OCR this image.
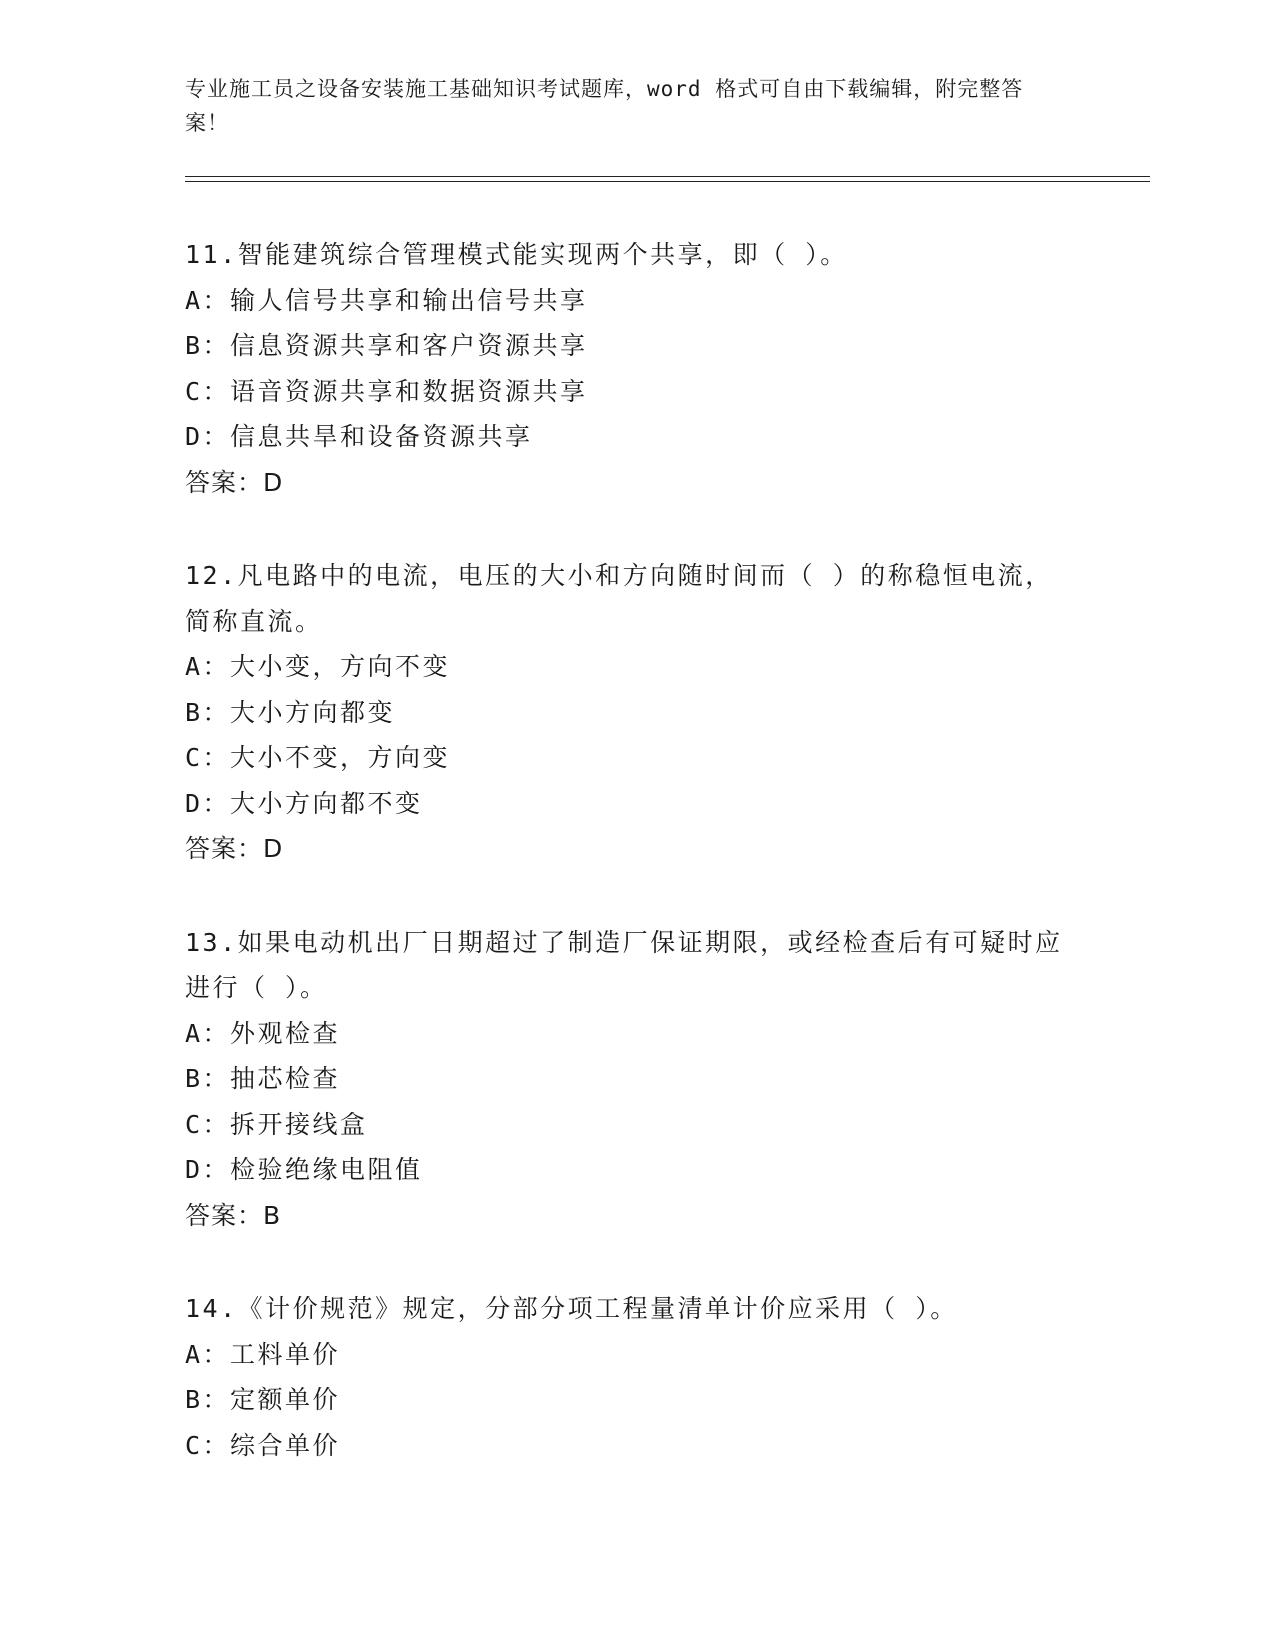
专业施工员之设备安装施工基础知识考试题库，word 格式可自由下载编辑，附完整答案！
11.智能建筑综合管理模式能实现两个共享，即（ ）。
A：输人信号共享和输出信号共享
B：信息资源共享和客户资源共享
C：语音资源共享和数据资源共享
D：信息共旱和设备资源共享
答案：D
12.凡电路中的电流，电压的大小和方向随时间而（ ）的称稳恒电流，简称直流。
A：大小变，方向不变
B：大小方向都变
C：大小不变，方向变
D：大小方向都不变
答案：D
13.如果电动机出厂日期超过了制造厂保证期限，或经检查后有可疑时应进行（ ）。
A：外观检查
B：抽芯检查
C：拆开接线盒
D：检验绝缘电阻值
答案：B
14.《计价规范》规定，分部分项工程量清单计价应采用（ ）。
A：工料单价
B：定额单价
C：综合单价
